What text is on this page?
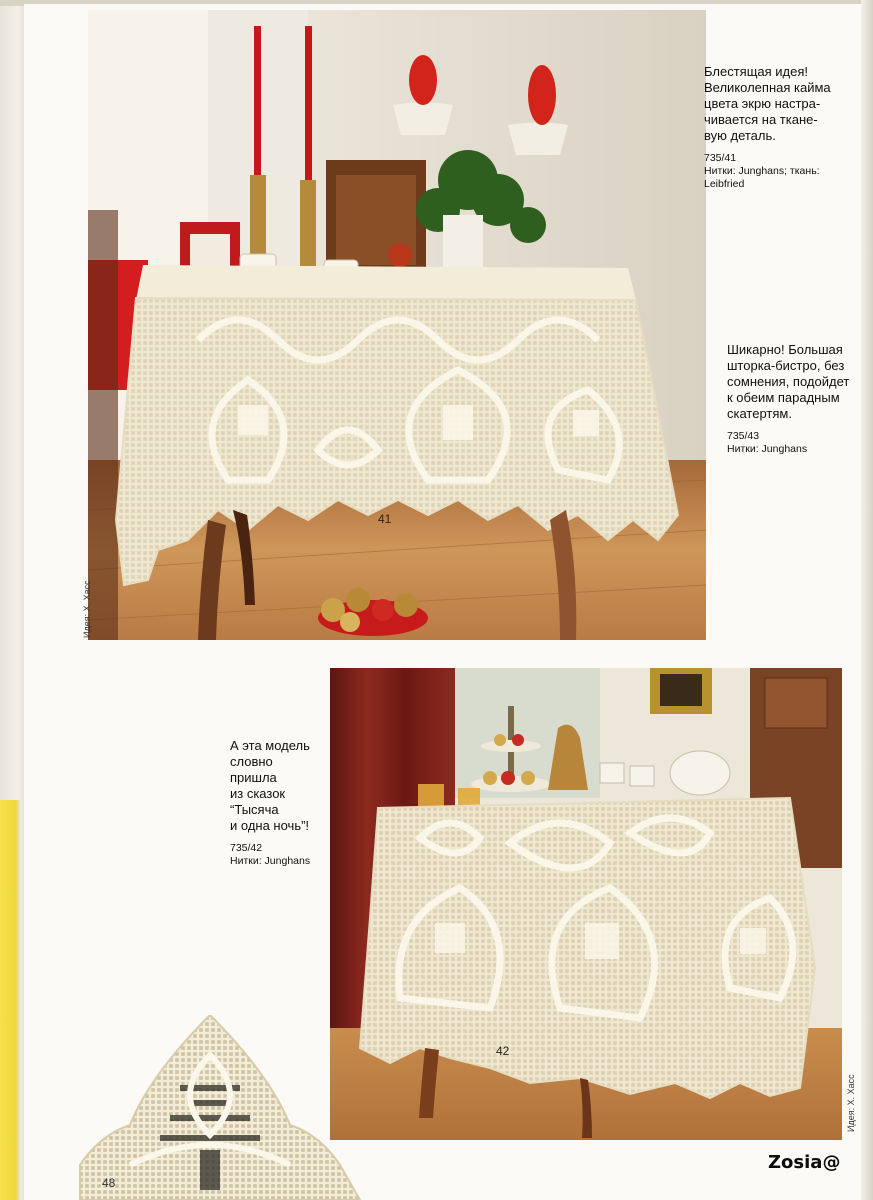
41
Идея: Х. Хасс
42
Идея: Х. Хасс
Блестящая идея!
Великолепная кайма
цвета экрю настра-
чивается на ткане-
вую деталь.
735/41
Нитки: Junghans; ткань:
Leibfried
Шикарно! Большая
шторка-бистро, без
сомнения, подойдет
к обеим парадным
скатертям.
735/43
Нитки: Junghans
А эта модель
словно
пришла
из сказок
“Тысяча
и одна ночь”!
735/42
Нитки: Junghans
48
Zosia@
